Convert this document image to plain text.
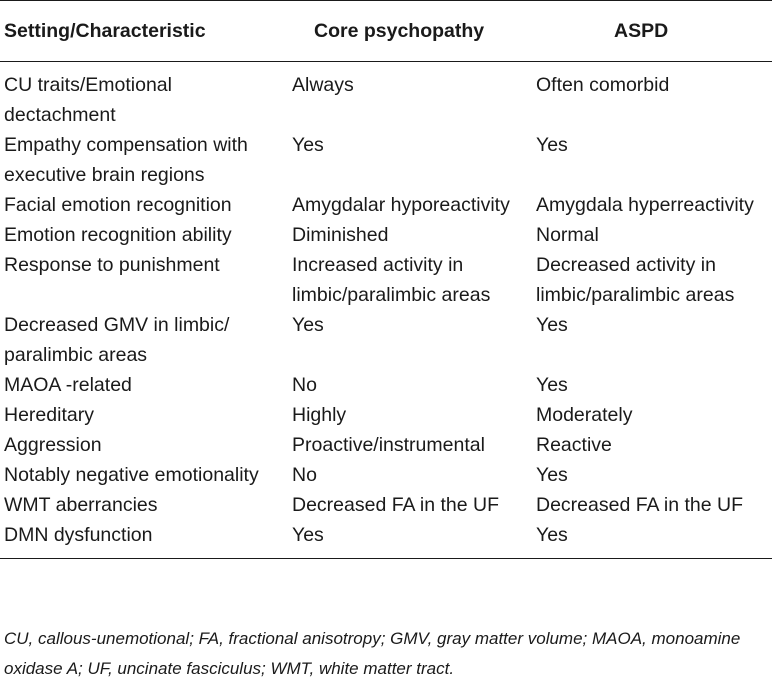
Setting/Characteristic	Core psychopathy	ASPD
CU traits/Emotional dectachment	Always	Often comorbid
Empathy compensation with executive brain regions	Yes	Yes
Facial emotion recognition	Amygdalar hyporeactivity	Amygdala hyperreactivity
Emotion recognition ability	Diminished	Normal
Response to punishment	Increased activity in limbic/paralimbic areas	Decreased activity in limbic/paralimbic areas
Decreased GMV in limbic/ paralimbic areas	Yes	Yes
MAOA -related	No	Yes
Hereditary	Highly	Moderately
Aggression	Proactive/instrumental	Reactive
Notably negative emotionality	No	Yes
WMT aberrancies	Decreased FA in the UF	Decreased FA in the UF
DMN dysfunction	Yes	Yes
CU, callous-unemotional; FA, fractional anisotropy; GMV, gray matter volume; MAOA, monoamine oxidase A; UF, uncinate fasciculus; WMT, white matter tract.
